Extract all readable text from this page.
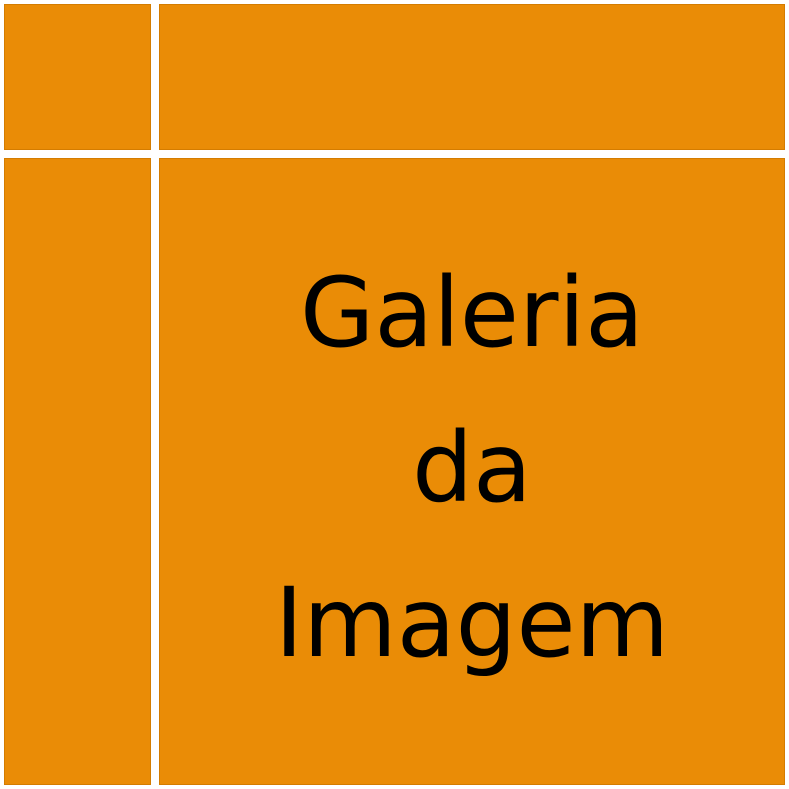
Galeria
da
Imagem
